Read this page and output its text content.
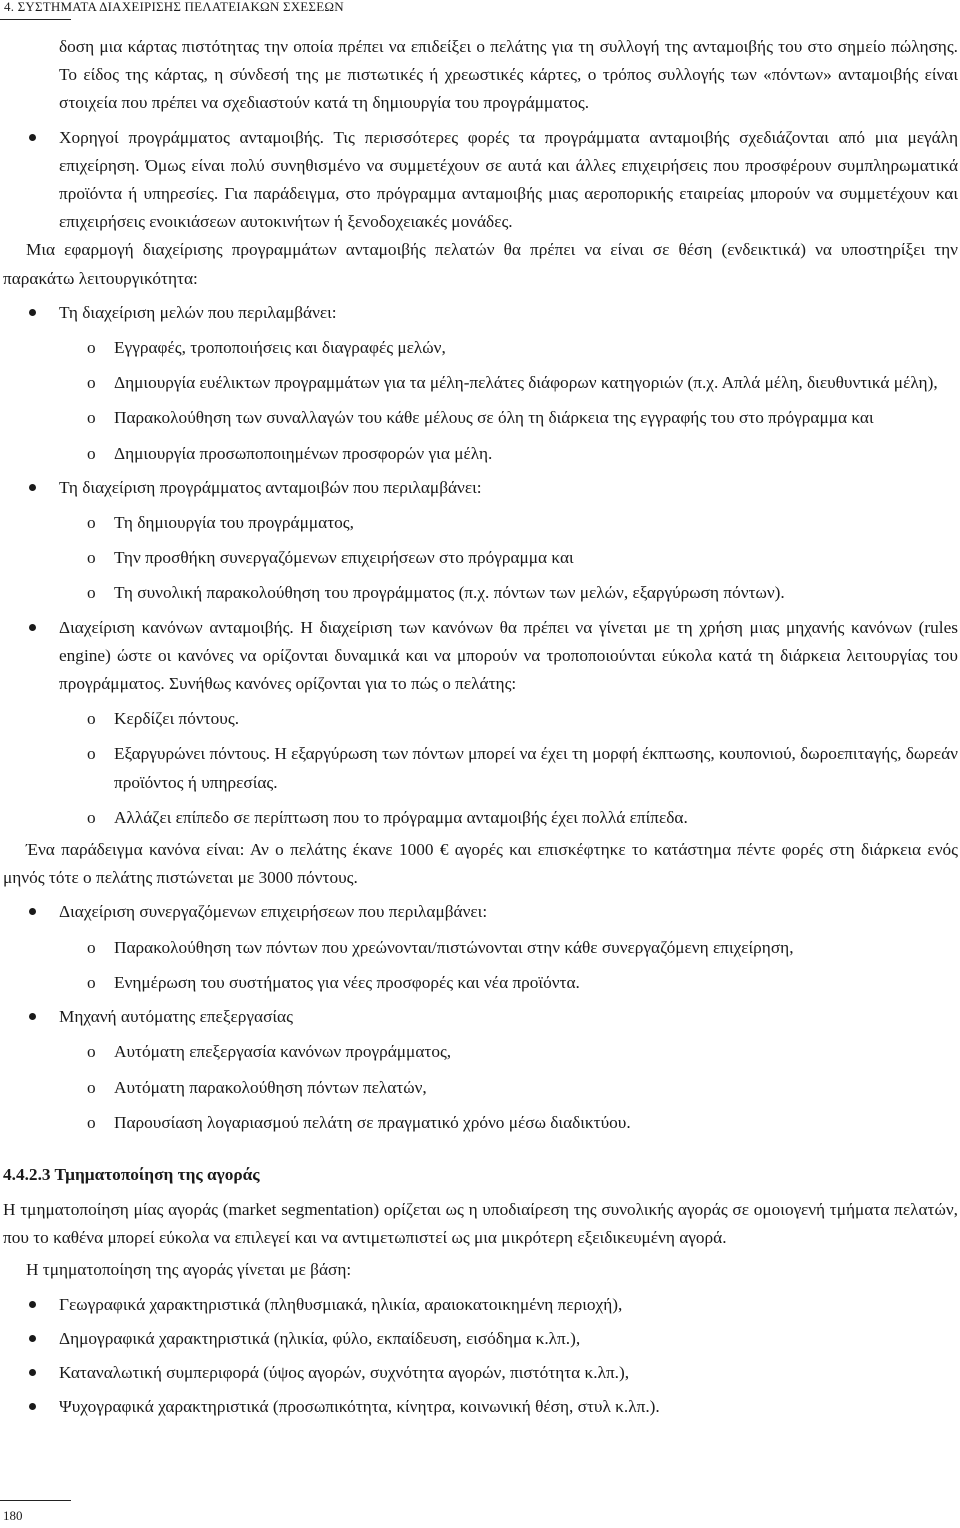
4. ΣΥΣΤΗΜΑΤΑ ΔΙΑΧΕΙΡΙΣΗΣ ΠΕΛΑΤΕΙΑΚΩΝ ΣΧΕΣΕΩΝ

δοση μια κάρτας πιστότητας την οποία πρέπει να επιδείξει ο πελάτης για τη συλλογή της ανταμοιβής του στο σημείο πώλησης. Το είδος της κάρτας, η σύνδεσή της με πιστωτικές ή χρεωστικές κάρτες, ο τρόπος συλλογής των «πόντων» ανταμοιβής είναι στοιχεία που πρέπει να σχεδιαστούν κατά τη δημιουργία του προγράμματος.

Χορηγοί προγράμματος ανταμοιβής. Τις περισσότερες φορές τα προγράμματα ανταμοιβής σχεδιάζονται από μια μεγάλη επιχείρηση. Όμως είναι πολύ συνηθισμένο να συμμετέχουν σε αυτά και άλλες επιχειρήσεις που προσφέρουν συμπληρωματικά προϊόντα ή υπηρεσίες. Για παράδειγμα, στο πρόγραμμα ανταμοιβής μιας αεροπορικής εταιρείας μπορούν να συμμετέχουν και επιχειρήσεις ενοικιάσεων αυτοκινήτων ή ξενοδοχειακές μονάδες.

Μια εφαρμογή διαχείρισης προγραμμάτων ανταμοιβής πελατών θα πρέπει να είναι σε θέση (ενδεικτικά) να υποστηρίξει την παρακάτω λειτουργικότητα:

Τη διαχείριση μελών που περιλαμβάνει:
o Εγγραφές, τροποποιήσεις και διαγραφές μελών,
o Δημιουργία ευέλικτων προγραμμάτων για τα μέλη-πελάτες διάφορων κατηγοριών (π.χ. Απλά μέλη, διευθυντικά μέλη),
o Παρακολούθηση των συναλλαγών του κάθε μέλους σε όλη τη διάρκεια της εγγραφής του στο πρόγραμμα και
o Δημιουργία προσωποποιημένων προσφορών για μέλη.
Τη διαχείριση προγράμματος ανταμοιβών που περιλαμβάνει:
o Τη δημιουργία του προγράμματος,
o Την προσθήκη συνεργαζόμενων επιχειρήσεων στο πρόγραμμα και
o Τη συνολική παρακολούθηση του προγράμματος (π.χ. πόντων των μελών, εξαργύρωση πόντων).
Διαχείριση κανόνων ανταμοιβής. Η διαχείριση των κανόνων θα πρέπει να γίνεται με τη χρήση μιας μηχανής κανόνων (rules engine) ώστε οι κανόνες να ορίζονται δυναμικά και να μπορούν να τροποποιούνται εύκολα κατά τη διάρκεια λειτουργίας του προγράμματος. Συνήθως κανόνες ορίζονται για το πώς ο πελάτης:
o Κερδίζει πόντους.
o Εξαργυρώνει πόντους. Η εξαργύρωση των πόντων μπορεί να έχει τη μορφή έκπτωσης, κουπονιού, δωροεπιταγής, δωρεάν προϊόντος ή υπηρεσίας.
o Αλλάζει επίπεδο σε περίπτωση που το πρόγραμμα ανταμοιβής έχει πολλά επίπεδα.

Ένα παράδειγμα κανόνα είναι: Αν ο πελάτης έκανε 1000 € αγορές και επισκέφτηκε το κατάστημα πέντε φορές στη διάρκεια ενός μηνός τότε ο πελάτης πιστώνεται με 3000 πόντους.

Διαχείριση συνεργαζόμενων επιχειρήσεων που περιλαμβάνει:
o Παρακολούθηση των πόντων που χρεώνονται/πιστώνονται στην κάθε συνεργαζόμενη επιχείρηση,
o Ενημέρωση του συστήματος για νέες προσφορές και νέα προϊόντα.
Μηχανή αυτόματης επεξεργασίας
o Αυτόματη επεξεργασία κανόνων προγράμματος,
o Αυτόματη παρακολούθηση πόντων πελατών,
o Παρουσίαση λογαριασμού πελάτη σε πραγματικό χρόνο μέσω διαδικτύου.
4.4.2.3 Τμηματοποίηση της αγοράς

Η τμηματοποίηση μίας αγοράς (market segmentation) ορίζεται ως η υποδιαίρεση της συνολικής αγοράς σε ομοιογενή τμήματα πελατών, που το καθένα μπορεί εύκολα να επιλεγεί και να αντιμετωπιστεί ως μια μικρότερη εξειδικευμένη αγορά.

Η τμηματοποίηση της αγοράς γίνεται με βάση:

Γεωγραφικά χαρακτηριστικά (πληθυσμιακά, ηλικία, αραιοκατοικημένη περιοχή),
Δημογραφικά χαρακτηριστικά (ηλικία, φύλο, εκπαίδευση, εισόδημα κ.λπ.),
Καταναλωτική συμπεριφορά (ύψος αγορών, συχνότητα αγορών, πιστότητα κ.λπ.),
Ψυχογραφικά χαρακτηριστικά (προσωπικότητα, κίνητρα, κοινωνική θέση, στυλ κ.λπ.).
180
